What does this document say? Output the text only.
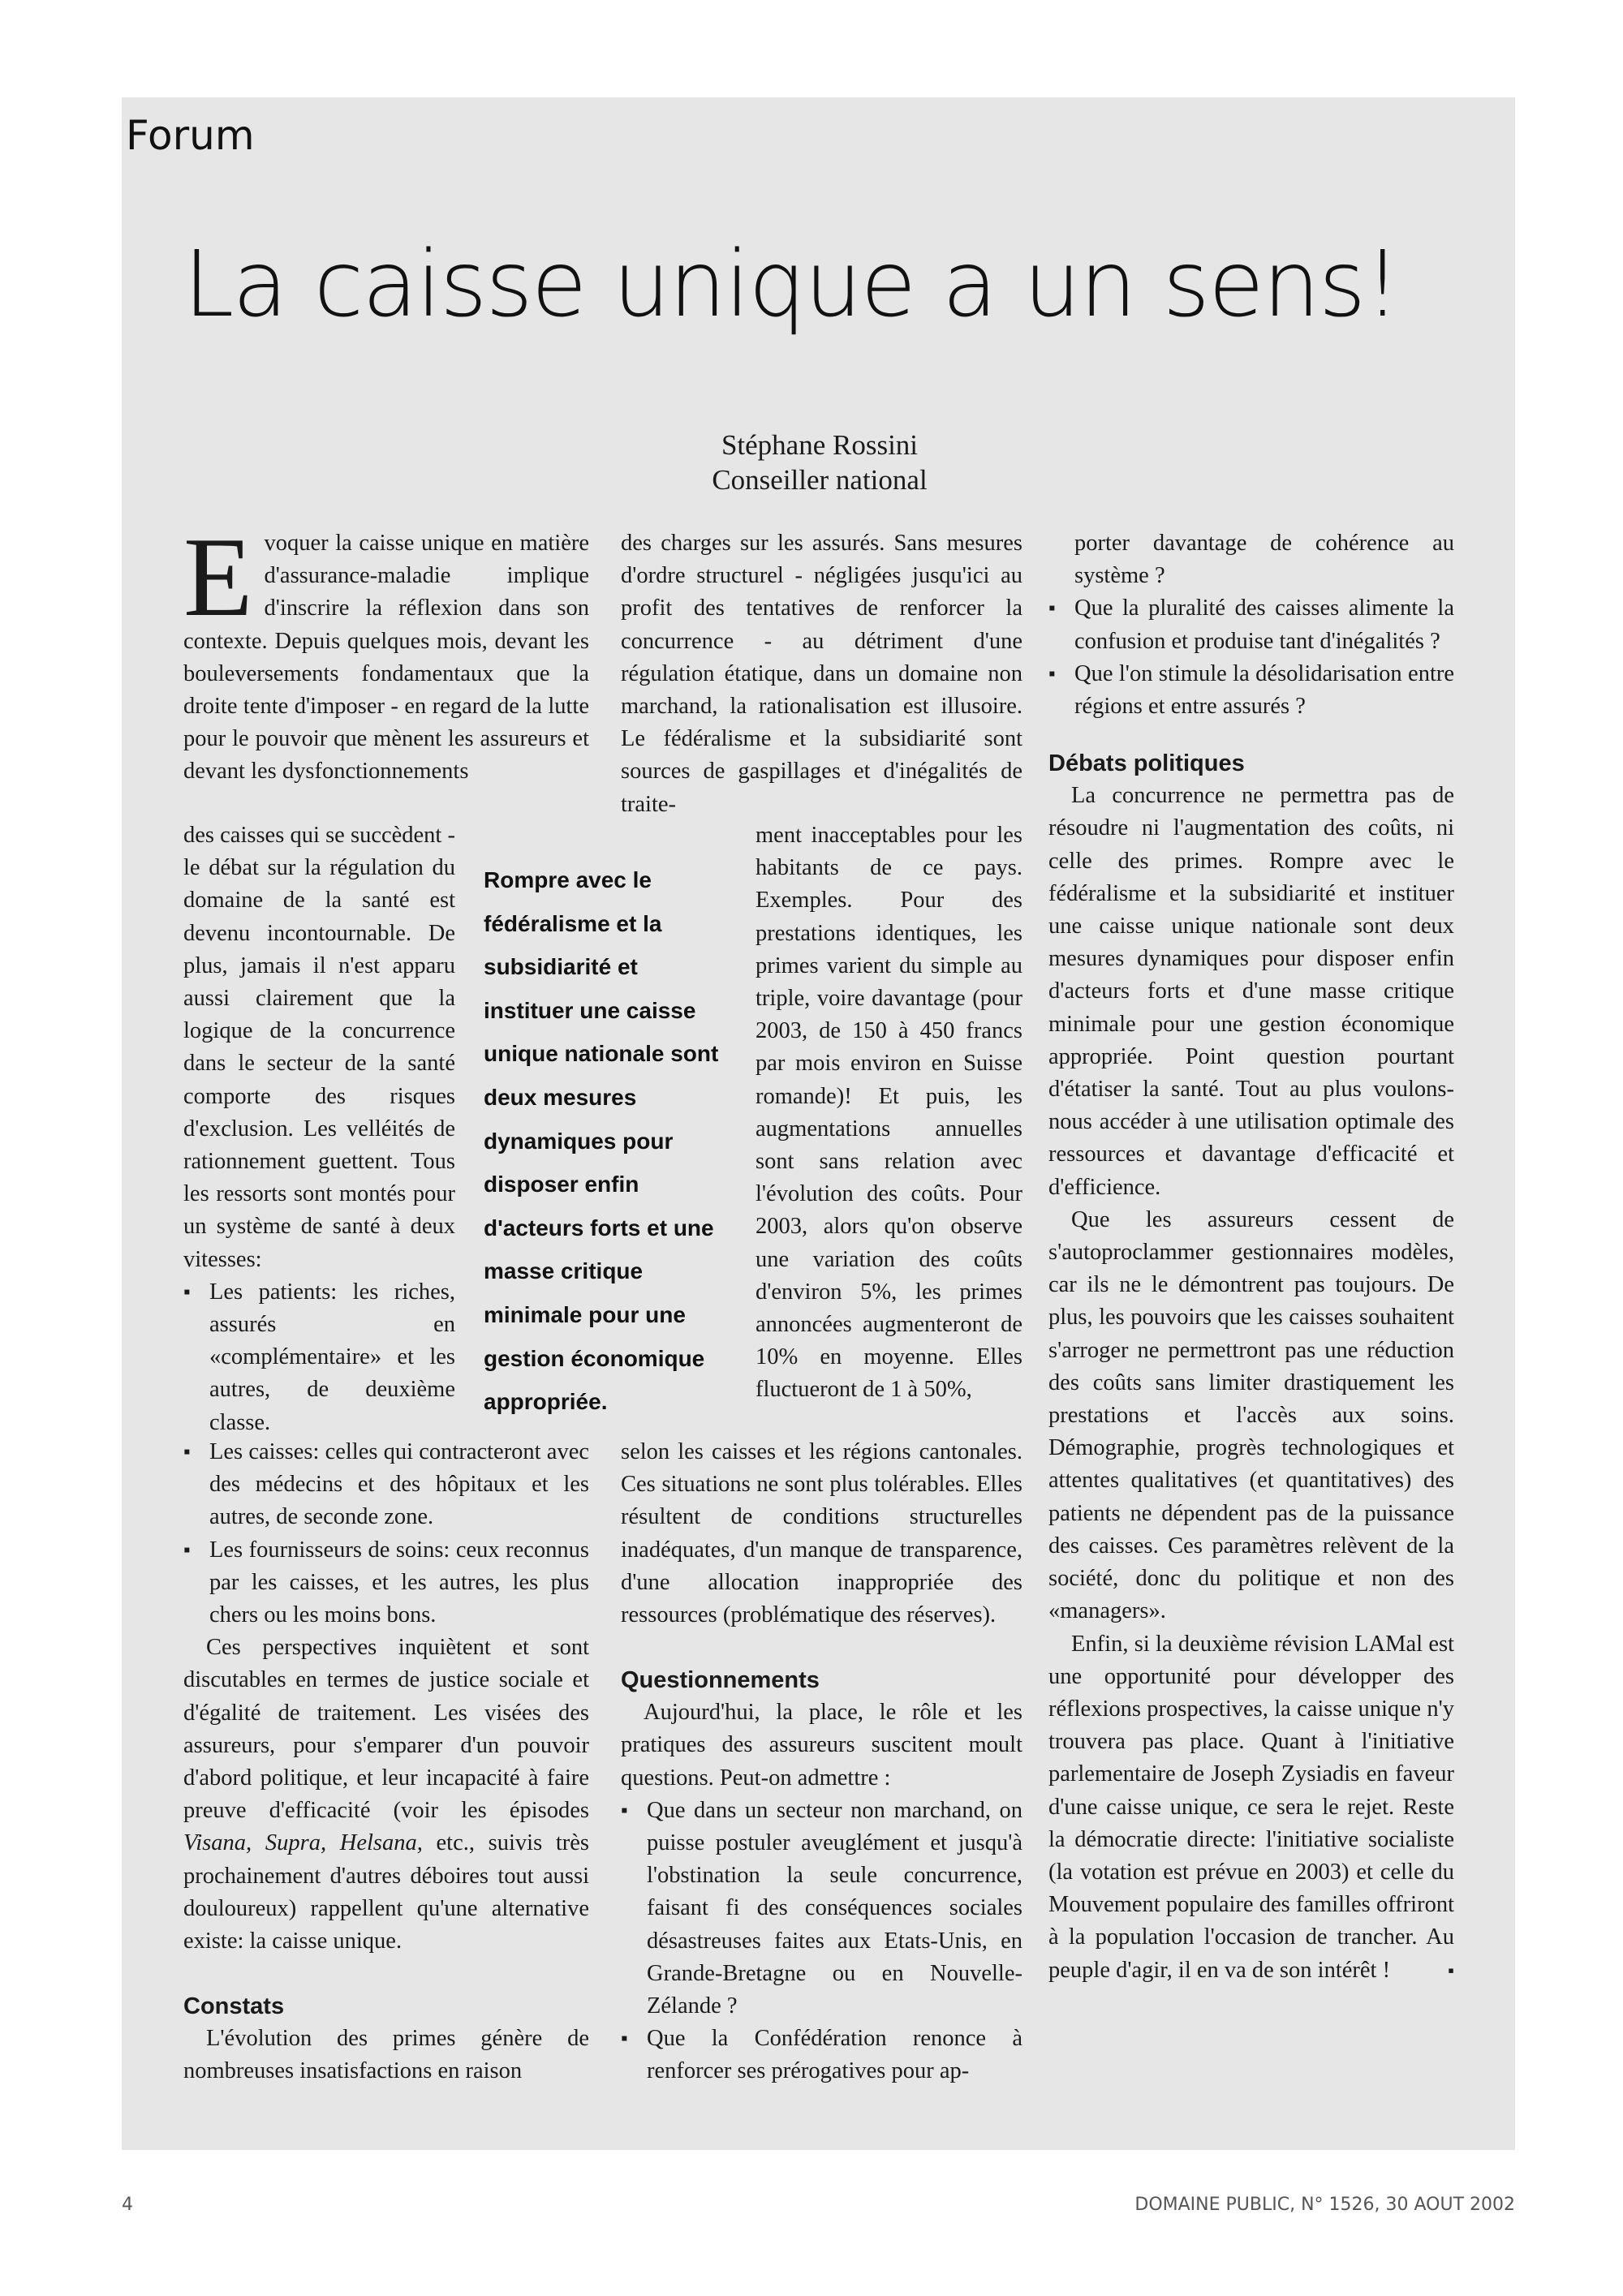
Forum
La caisse unique a un sens!
Stéphane Rossini
Conseiller national

Evoquer la caisse unique en matière d'assurance-maladie implique d'inscrire la réflexion dans son contexte. Depuis quelques mois, devant les bouleversements fondamentaux que la droite tente d'imposer - en regard de la lutte pour le pouvoir que mènent les assureurs et devant les dysfonctionnements

des caisses qui se succèdent - le débat sur la régulation du domaine de la santé est devenu incontournable. De plus, jamais il n'est apparu aussi clairement que la logique de la concurrence dans le secteur de la santé comporte des risques d'exclusion. Les velléités de rationnement guettent. Tous les ressorts sont montés pour un système de santé à deux vitesses:

▪ Les patients: les riches, assurés en «complémentaire» et les autres, de deuxième classe.
▪ Les caisses: celles qui contracteront avec des médecins et des hôpitaux et les autres, de seconde zone.
▪ Les fournisseurs de soins: ceux reconnus par les caisses, et les autres, les plus chers ou les moins bons.

Ces perspectives inquiètent et sont discutables en termes de justice sociale et d'égalité de traitement. Les visées des assureurs, pour s'emparer d'un pouvoir d'abord politique, et leur incapacité à faire preuve d'efficacité (voir les épisodes Visana, Supra, Helsana, etc., suivis très prochainement d'autres déboires tout aussi douloureux) rappellent qu'une alternative existe: la caisse unique.

Constats

L'évolution des primes génère de nombreuses insatisfactions en raison

Rompre avec le fédéralisme et la subsidiarité et instituer une caisse unique nationale sont deux mesures dynamiques pour disposer enfin d'acteurs forts et une masse critique minimale pour une gestion économique appropriée.

des charges sur les assurés. Sans mesures d'ordre structurel - négligées jusqu'ici au profit des tentatives de renforcer la concurrence - au détriment d'une régulation étatique, dans un domaine non marchand, la rationalisation est illusoire. Le fédéralisme et la subsidiarité sont sources de gaspillages et d'inégalités de traite-

ment inacceptables pour les habitants de ce pays. Exemples. Pour des prestations identiques, les primes varient du simple au triple, voire davantage (pour 2003, de 150 à 450 francs par mois environ en Suisse romande)! Et puis, les augmentations annuelles sont sans relation avec l'évolution des coûts. Pour 2003, alors qu'on observe une variation des coûts d'environ 5%, les primes annoncées augmenteront de 10% en moyenne. Elles fluctueront de 1 à 50%,

selon les caisses et les régions cantonales. Ces situations ne sont plus tolérables. Elles résultent de conditions structurelles inadéquates, d'un manque de transparence, d'une allocation inappropriée des ressources (problématique des réserves).

Questionnements

Aujourd'hui, la place, le rôle et les pratiques des assureurs suscitent moult questions. Peut-on admettre :

▪ Que dans un secteur non marchand, on puisse postuler aveuglément et jusqu'à l'obstination la seule concurrence, faisant fi des conséquences sociales désastreuses faites aux Etats-Unis, en Grande-Bretagne ou en Nouvelle-Zélande ?
▪ Que la Confédération renonce à renforcer ses prérogatives pour ap-

porter davantage de cohérence au système ?

▪ Que la pluralité des caisses alimente la confusion et produise tant d'inégalités ?
▪ Que l'on stimule la désolidarisation entre régions et entre assurés ?
Débats politiques

La concurrence ne permettra pas de résoudre ni l'augmentation des coûts, ni celle des primes. Rompre avec le fédéralisme et la subsidiarité et instituer une caisse unique nationale sont deux mesures dynamiques pour disposer enfin d'acteurs forts et d'une masse critique minimale pour une gestion économique appropriée. Point question pourtant d'étatiser la santé. Tout au plus voulons-nous accéder à une utilisation optimale des ressources et davantage d'efficacité et d'efficience.

Que les assureurs cessent de s'autoproclammer gestionnaires modèles, car ils ne le démontrent pas toujours. De plus, les pouvoirs que les caisses souhaitent s'arroger ne permettront pas une réduction des coûts sans limiter drastiquement les prestations et l'accès aux soins. Démographie, progrès technologiques et attentes qualitatives (et quantitatives) des patients ne dépendent pas de la puissance des caisses. Ces paramètres relèvent de la société, donc du politique et non des «managers».

Enfin, si la deuxième révision LAMal est une opportunité pour développer des réflexions prospectives, la caisse unique n'y trouvera pas place. Quant à l'initiative parlementaire de Joseph Zysiadis en faveur d'une caisse unique, ce sera le rejet. Reste la démocratie directe: l'initiative socialiste (la votation est prévue en 2003) et celle du Mouvement populaire des familles offriront à la population l'occasion de trancher. Au peuple d'agir, il en va de son intérêt !	▪

4	DOMAINE PUBLIC, N° 1526, 30 AOUT 2002
